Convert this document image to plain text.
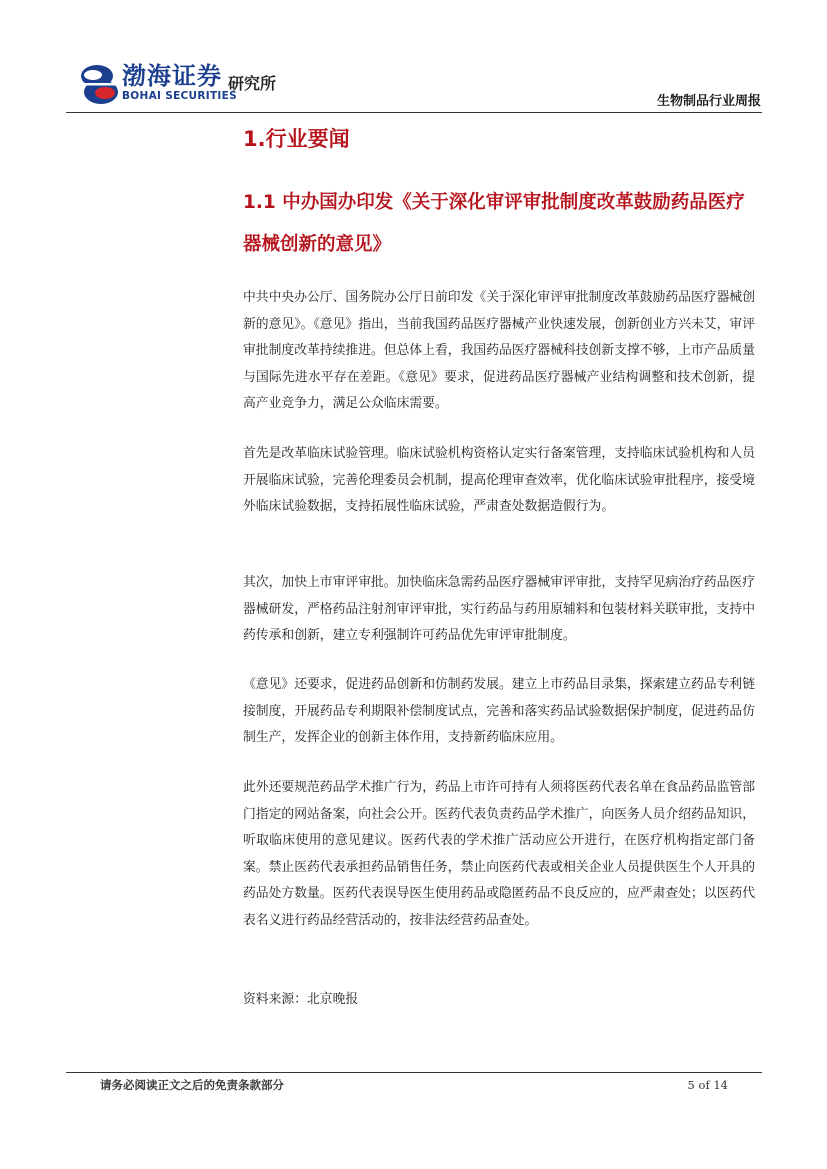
渤海证券
BOHAI SECURITIES
研究所
生物制品行业周报
1.行业要闻
1.1 中办国办印发《关于深化审评审批制度改革鼓励药品医疗器械创新的意见》

中共中央办公厅、国务院办公厅日前印发《关于深化审评审批制度改革鼓励药品医疗器械创新的意见》。《意见》指出，当前我国药品医疗器械产业快速发展，创新创业方兴未艾，审评审批制度改革持续推进。但总体上看，我国药品医疗器械科技创新支撑不够，上市产品质量与国际先进水平存在差距。《意见》要求，促进药品医疗器械产业结构调整和技术创新，提高产业竞争力，满足公众临床需要。

首先是改革临床试验管理。临床试验机构资格认定实行备案管理，支持临床试验机构和人员开展临床试验，完善伦理委员会机制，提高伦理审查效率，优化临床试验审批程序，接受境外临床试验数据，支持拓展性临床试验，严肃查处数据造假行为。

其次，加快上市审评审批。加快临床急需药品医疗器械审评审批，支持罕见病治疗药品医疗器械研发，严格药品注射剂审评审批，实行药品与药用原辅料和包装材料关联审批，支持中药传承和创新，建立专利强制许可药品优先审评审批制度。

《意见》还要求，促进药品创新和仿制药发展。建立上市药品目录集，探索建立药品专利链接制度，开展药品专利期限补偿制度试点，完善和落实药品试验数据保护制度，促进药品仿制生产，发挥企业的创新主体作用，支持新药临床应用。

此外还要规范药品学术推广行为，药品上市许可持有人须将医药代表名单在食品药品监管部门指定的网站备案，向社会公开。医药代表负责药品学术推广，向医务人员介绍药品知识，听取临床使用的意见建议。医药代表的学术推广活动应公开进行，在医疗机构指定部门备案。禁止医药代表承担药品销售任务，禁止向医药代表或相关企业人员提供医生个人开具的药品处方数量。医药代表误导医生使用药品或隐匿药品不良反应的，应严肃查处；以医药代表名义进行药品经营活动的，按非法经营药品查处。

资料来源：北京晚报

请务必阅读正文之后的免责条款部分	5 of 14
